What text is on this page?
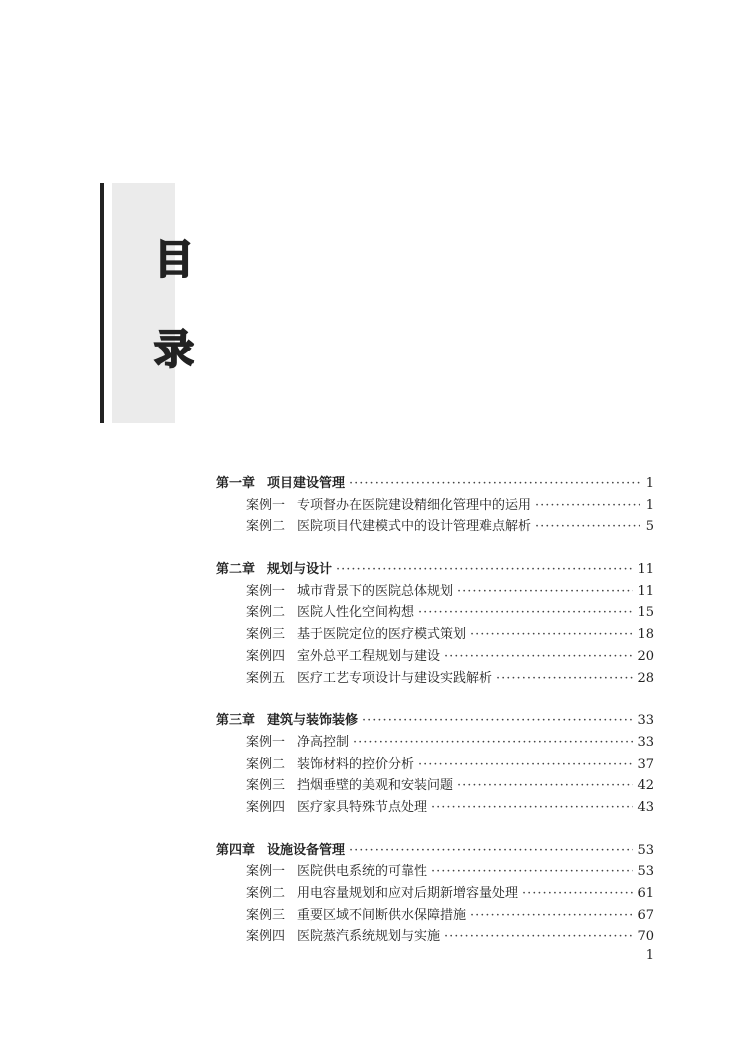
目
录
第一章 项目建设管理 ·····	1
案例一 专项督办在医院建设精细化管理中的运用 ·····	1
案例二 医院项目代建模式中的设计管理难点解析 ·····	5
第二章 规划与设计 ·····	11
案例一 城市背景下的医院总体规划 ·····	11
案例二 医院人性化空间构想 ·····	15
案例三 基于医院定位的医疗模式策划 ·····	18
案例四 室外总平工程规划与建设 ·····	20
案例五 医疗工艺专项设计与建设实践解析 ·····	28
第三章 建筑与装饰装修 ·····	33
案例一 净高控制 ·····	33
案例二 装饰材料的控价分析 ·····	37
案例三 挡烟垂壁的美观和安装问题 ·····	42
案例四 医疗家具特殊节点处理 ·····	43
第四章 设施设备管理 ·····	53
案例一 医院供电系统的可靠性 ·····	53
案例二 用电容量规划和应对后期新增容量处理 ·····	61
案例三 重要区域不间断供水保障措施 ·····	67
案例四 医院蒸汽系统规划与实施 ·····	70
1
